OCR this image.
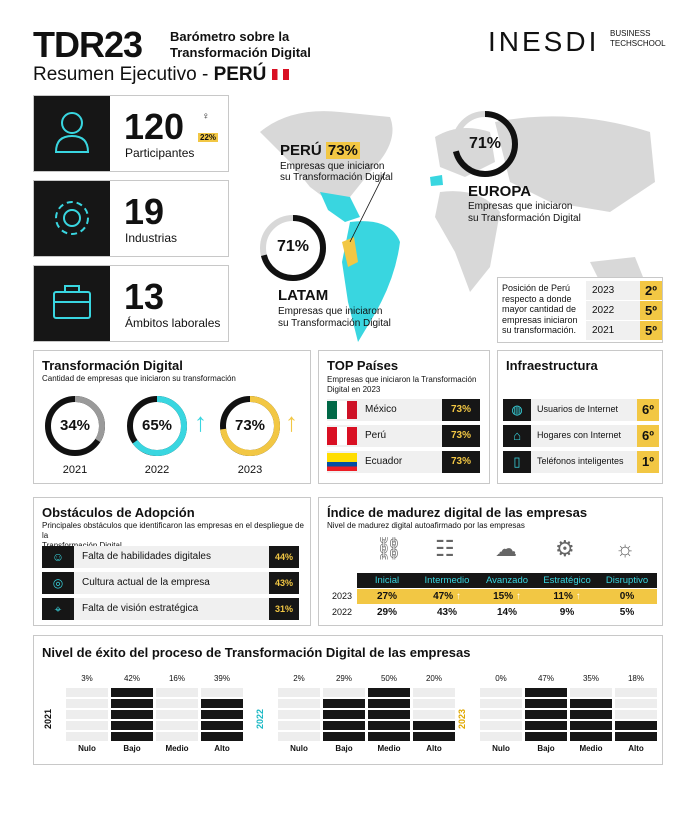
TDR23 Barómetro sobre la
Transformación Digital
Resumen Ejecutivo - PERÚ
INESDI BUSINESS
TECHSCHOOL
120
Participantes
♀
22%
19
Industrias
13
Ámbitos laborales
PERÚ 73%
Empresas que iniciaron
su Transformación Digital
71%
EUROPA
Empresas que iniciaron
su Transformación Digital
71%
LATAM
Empresas que iniciaron
su Transformación Digital
Posición de Perú
respecto a donde
mayor cantidad de
empresas iniciaron
su transformación.
2023	2º
2022	5º
2021	5º
Transformación Digital
Cantidad de empresas que iniciaron su transformación
34%
2021
65%
2022
↑	73%
2023
↑
TOP Países
Empresas que iniciaron la Transformación
Digital en 2023
México	73%
Perú	73%
Ecuador	73%
Infraestructura
◍	Usuarios de Internet	6º
⌂	Hogares con Internet	6º
▯	Teléfonos inteligentes	1º
Obstáculos de Adopción
Principales obstáculos que identificaron las empresas en el despliegue de la
☺	Falta de habilidades digitales	44%
◎	Cultura actual de la empresa	43%
⌖	Falta de visión estratégica	31%
Índice de madurez digital de las empresas
Nivel de madurez digital autoafirmado por las empresas
⛓ ☷ ☁ ⚙ ☼
Inicial	Intermedio	Avanzado	Estratégico	Disruptivo
2023	27%	47% ↑	15% ↑	11% ↑	0%
2022	29%	43%	14%	9%	5%
Nivel de éxito del proceso de Transformación Digital de las empresas
2021
3%
Nulo
42%
Bajo
16%
Medio
39%
Alto
2022
2%
Nulo
29%
Bajo
50%
Medio
20%
Alto
2023
0%
Nulo
47%
Bajo
35%
Medio
18%
Alto
